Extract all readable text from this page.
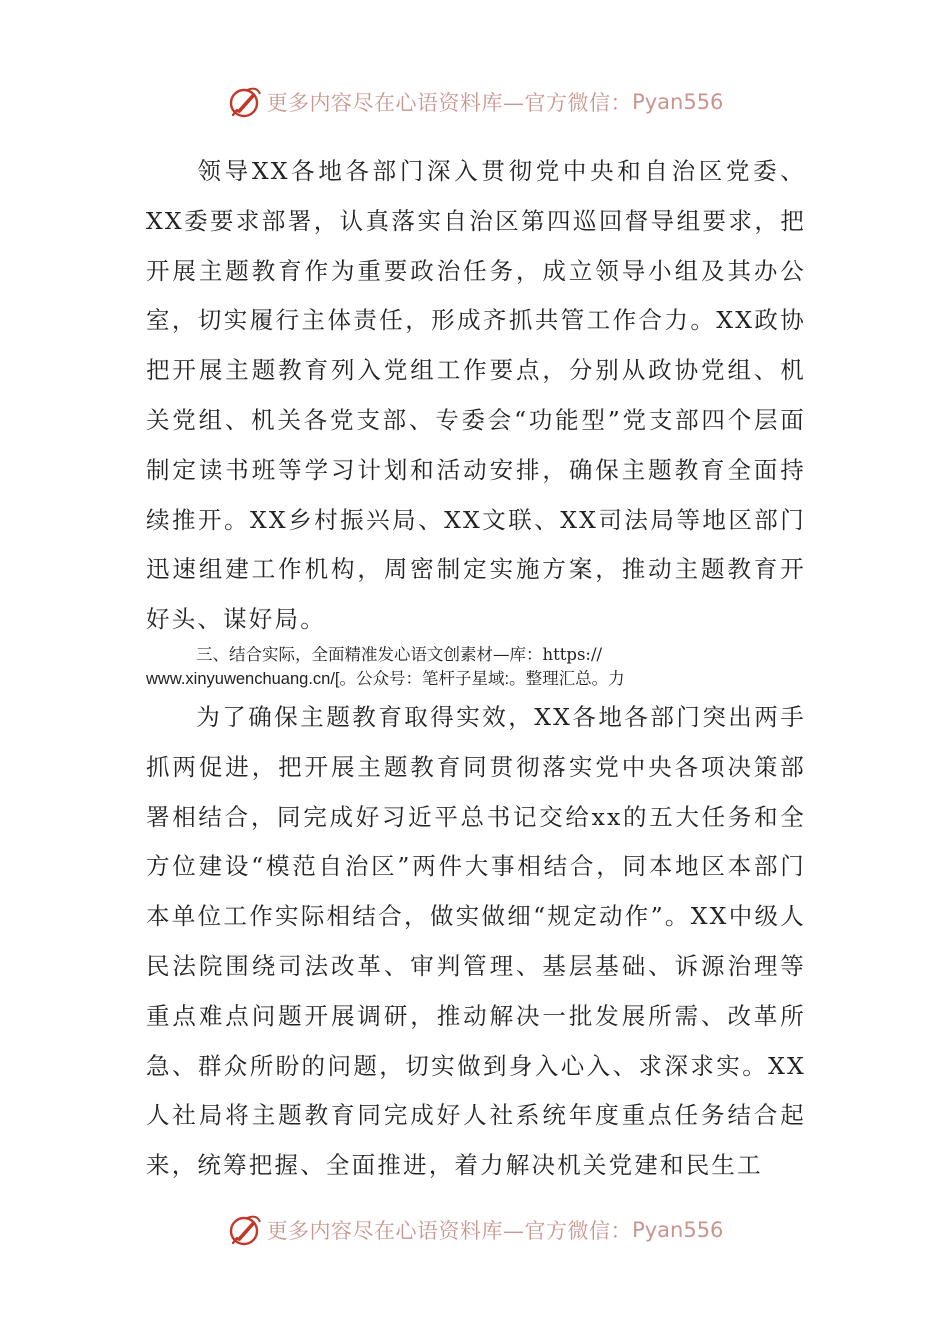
更多内容尽在心语资料库—官方微信： Pyan556

领导XX各地各部门深入贯彻党中央和自治区党委、XX委要求部署，认真落实自治区第四巡回督导组要求，把开展主题教育作为重要政治任务，成立领导小组及其办公室，切实履行主体责任，形成齐抓共管工作合力。XX政协把开展主题教育列入党组工作要点，分别从政协党组、机关党组、机关各党支部、专委会“功能型”党支部四个层面制定读书班等学习计划和活动安排，确保主题教育全面持续推开。XX乡村振兴局、XX文联、XX司法局等地区部门迅速组建工作机构，周密制定实施方案，推动主题教育开好头、谋好局。

三、结合实际，全面精准发心语文创素材—库：https://
www.xinyuwenchuang.cn/[。公众号：笔杆子星域:。整理汇总。力

为了确保主题教育取得实效，XX各地各部门突出两手抓两促进，把开展主题教育同贯彻落实党中央各项决策部署相结合，同完成好习近平总书记交给xx的五大任务和全方位建设“模范自治区”两件大事相结合，同本地区本部门本单位工作实际相结合，做实做细“规定动作”。XX中级人民法院围绕司法改革、审判管理、基层基础、诉源治理等重点难点问题开展调研，推动解决一批发展所需、改革所急、群众所盼的问题，切实做到身入心入、求深求实。XX人社局将主题教育同完成好人社系统年度重点任务结合起来，统筹把握、全面推进，着力解决机关党建和民生工

更多内容尽在心语资料库—官方微信： Pyan556
